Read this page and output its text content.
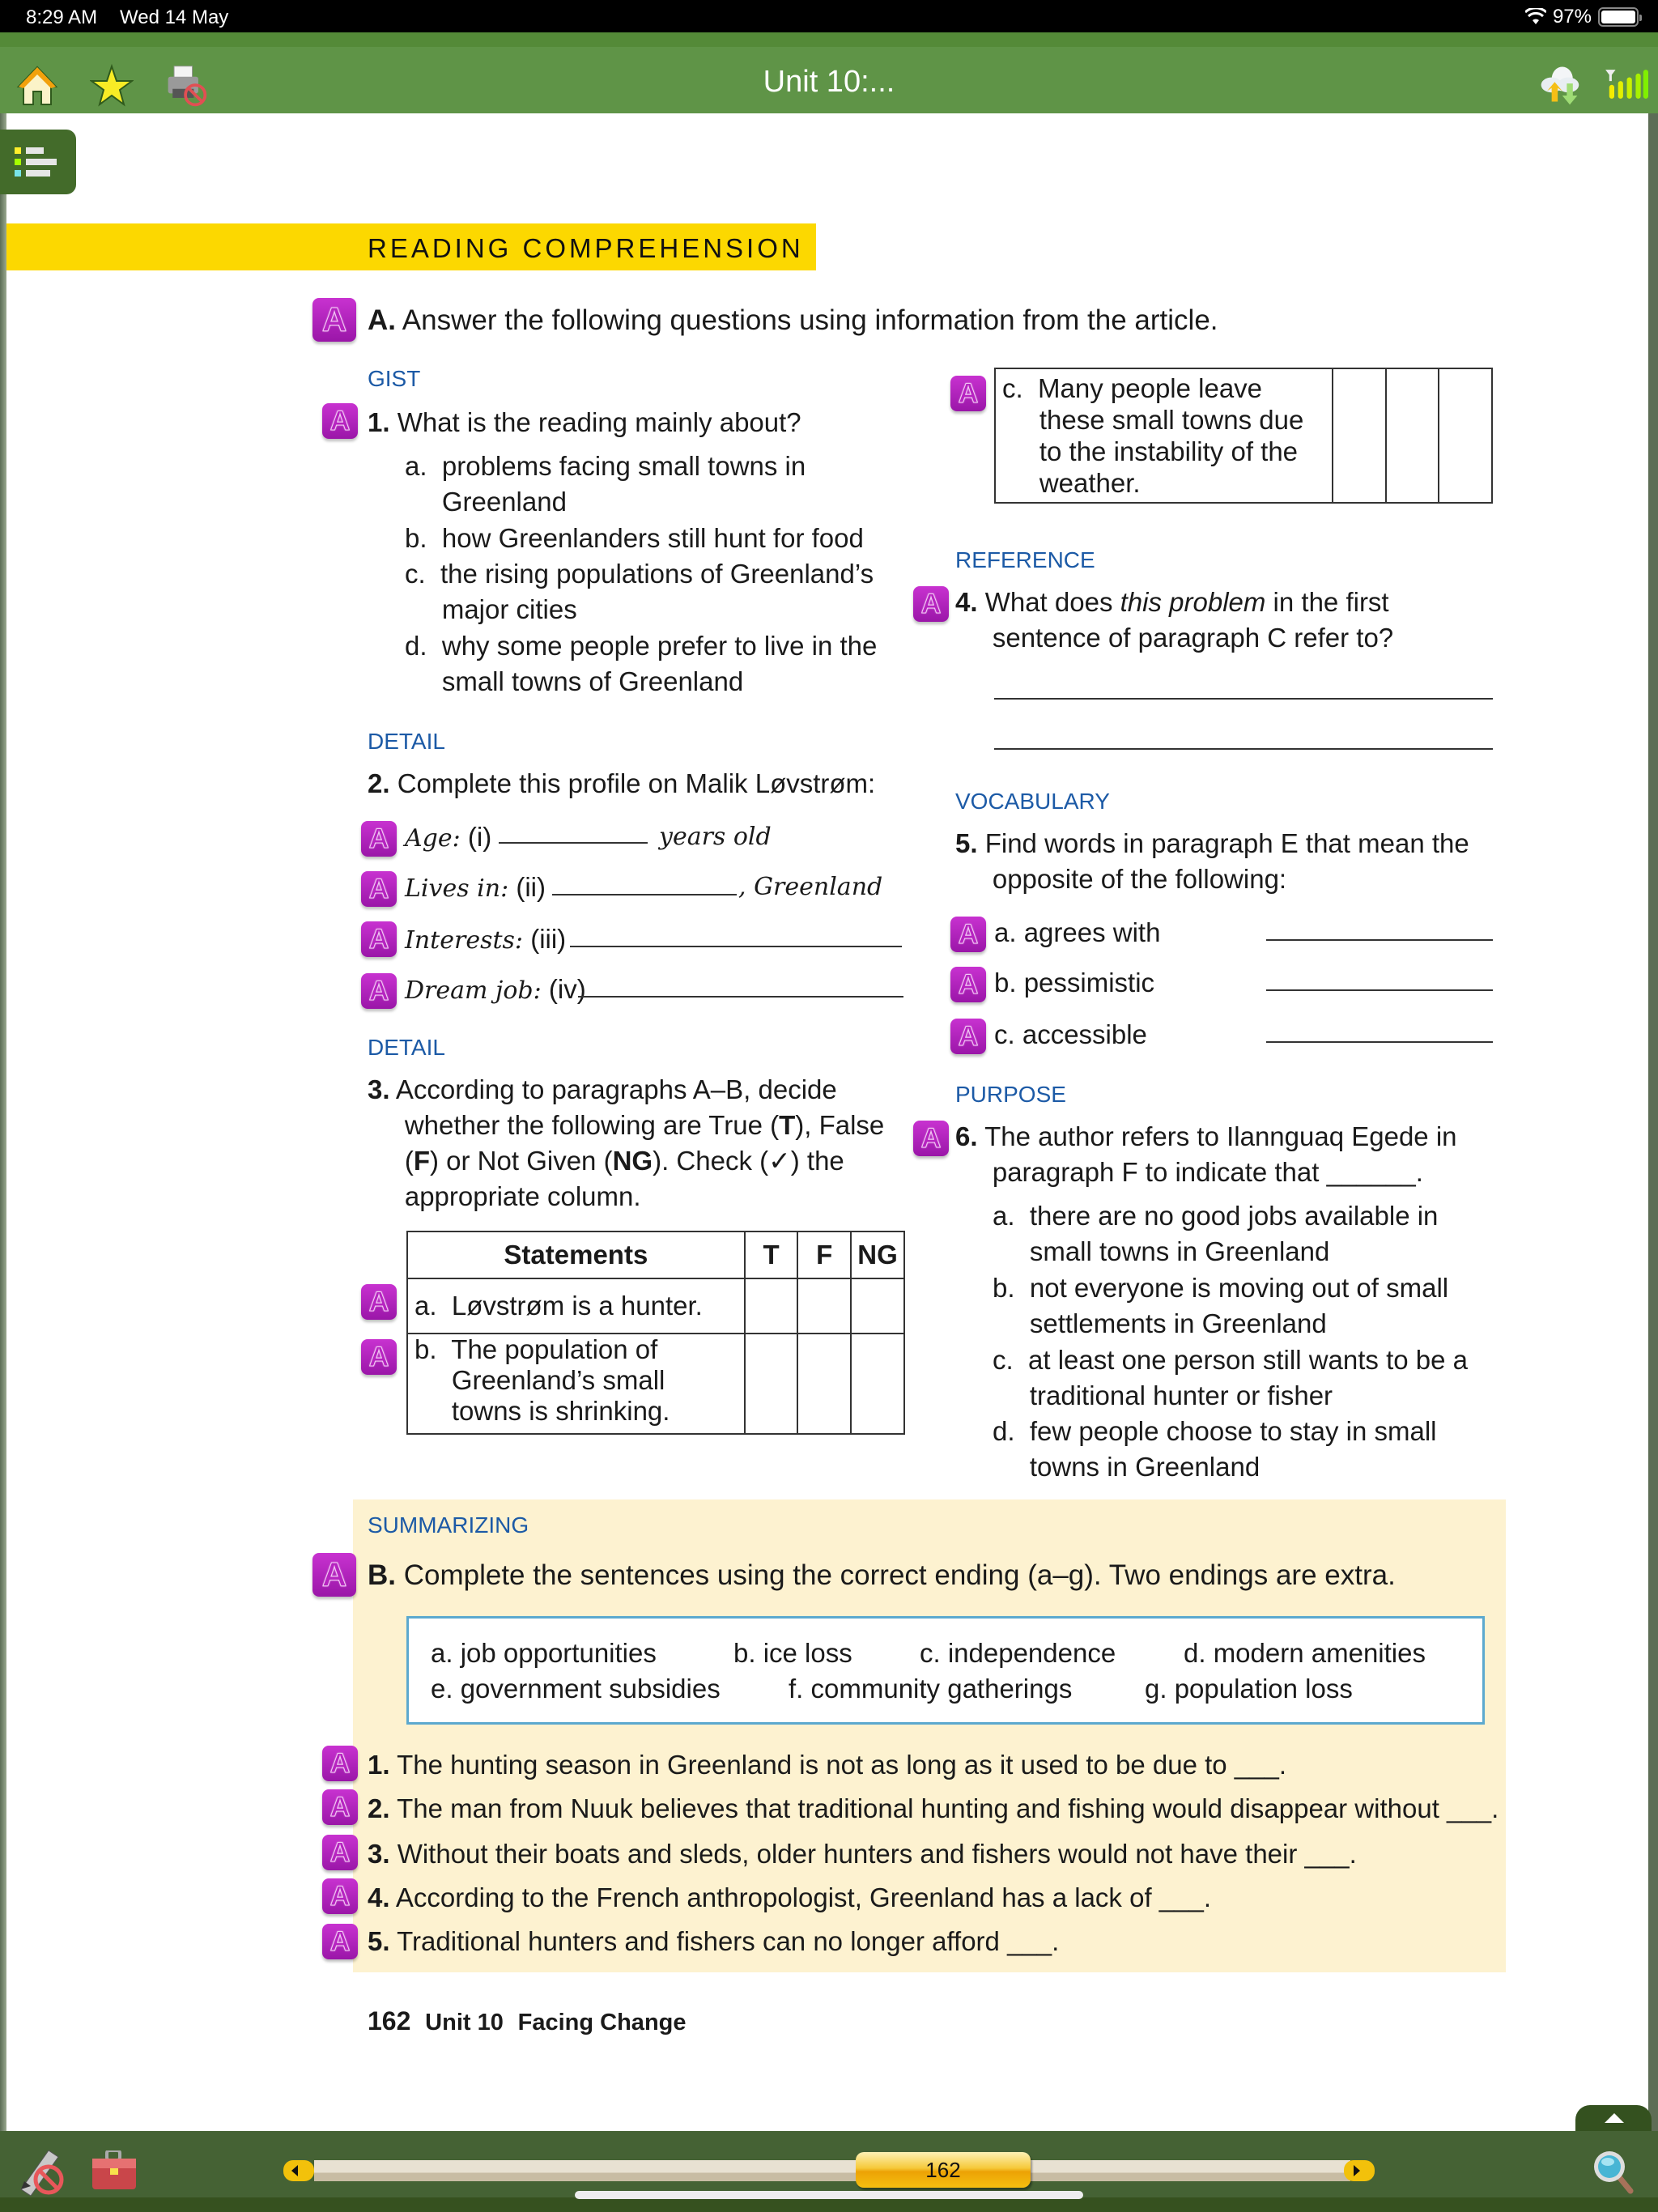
8:29 AM Wed 14 May	97%
Unit 10:...
READING COMPREHENSION
A A. Answer the following questions using information from the article.
GIST
A 1. What is the reading mainly about?
a. problems facing small towns in
Greenland
b. how Greenlanders still hunt for food
c. the rising populations of Greenland’s
major cities
d. why some people prefer to live in the
small towns of Greenland
DETAIL
2. Complete this profile on Malik Løvstrøm:
A Age: (i)	years old
A Lives in: (ii)	, Greenland
A Interests: (iii)
A Dream job: (iv)
DETAIL
3. According to paragraphs A–B, decide
whether the following are True (T), False
(F) or Not Given (NG). Check (✓) the
appropriate column.
Statements	T	F	NG
a. Løvstrøm is a hunter.			
b. The population of
Greenland’s small
towns is shrinking.			
A
A
c. Many people leave
these small towns due
to the instability of the
weather.			
A
REFERENCE
A 4. What does this problem in the first
sentence of paragraph C refer to?
VOCABULARY
5. Find words in paragraph E that mean the
opposite of the following:
A a. agrees with
A b. pessimistic
A c. accessible
PURPOSE
A 6. The author refers to Ilannguaq Egede in
paragraph F to indicate that ______.
a. there are no good jobs available in
small towns in Greenland
b. not everyone is moving out of small
settlements in Greenland
c. at least one person still wants to be a
traditional hunter or fisher
d. few people choose to stay in small
towns in Greenland
SUMMARIZING
A B. Complete the sentences using the correct ending (a–g). Two endings are extra.
a. job opportunities	b. ice loss	c. independence	d. modern amenities
e. government subsidies	f. community gatherings	g. population loss
A 1. The hunting season in Greenland is not as long as it used to be due to ___.
A 2. The man from Nuuk believes that traditional hunting and fishing would disappear without ___.
A 3. Without their boats and sleds, older hunters and fishers would not have their ___.
A 4. According to the French anthropologist, Greenland has a lack of ___.
A 5. Traditional hunters and fishers can no longer afford ___.
162 Unit 10 Facing Change
162
